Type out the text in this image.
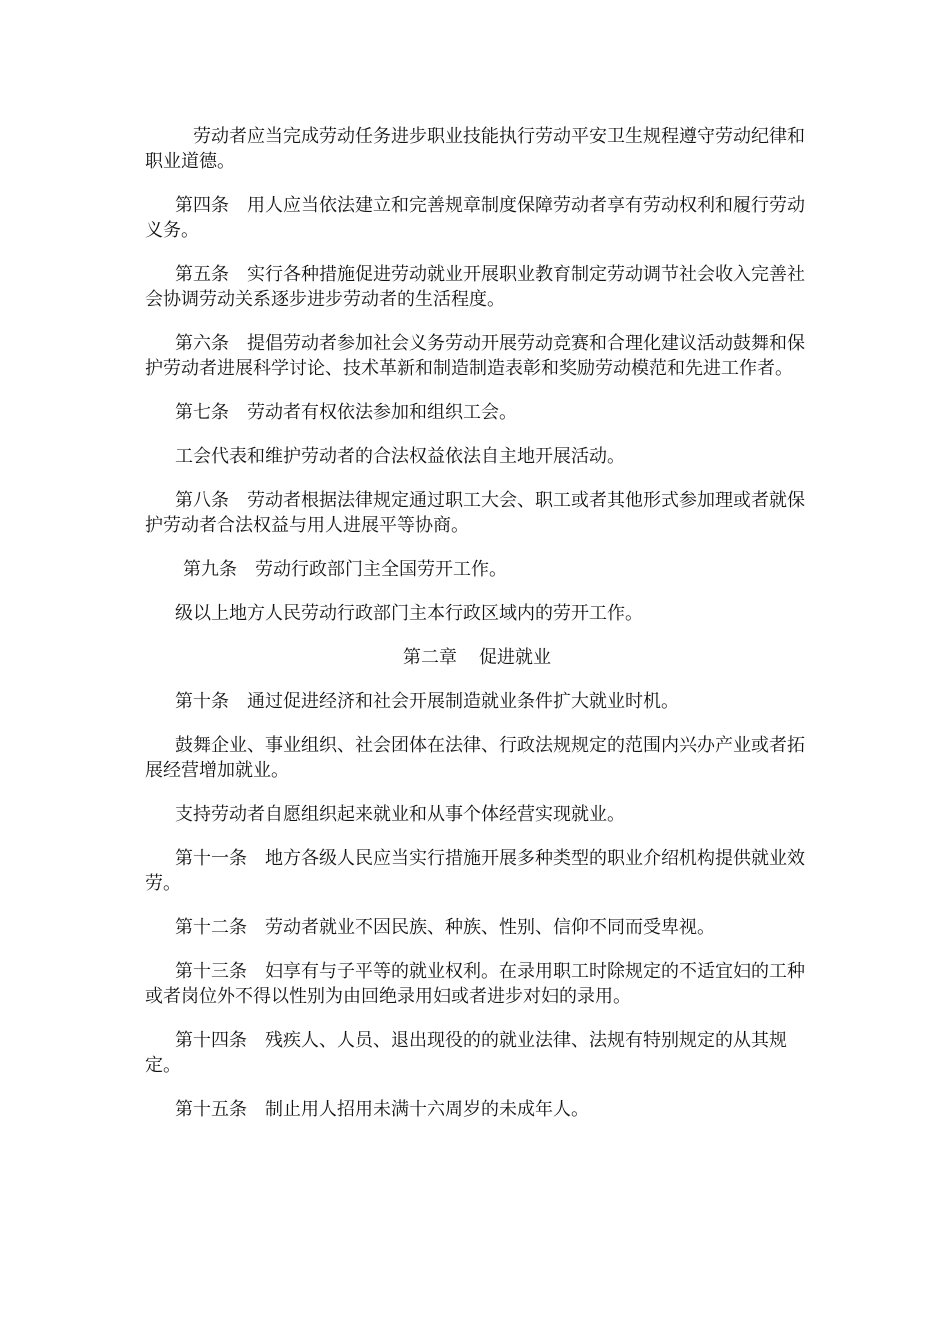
劳动者应当完成劳动任务进步职业技能执行劳动平安卫生规程遵守劳动纪律和职业道德。

第四条 用人应当依法建立和完善规章制度保障劳动者享有劳动权利和履行劳动义务。

第五条 实行各种措施促进劳动就业开展职业教育制定劳动调节社会收入完善社会协调劳动关系逐步进步劳动者的生活程度。

第六条 提倡劳动者参加社会义务劳动开展劳动竞赛和合理化建议活动鼓舞和保护劳动者进展科学讨论、技术革新和制造制造表彰和奖励劳动模范和先进工作者。

第七条 劳动者有权依法参加和组织工会。

工会代表和维护劳动者的合法权益依法自主地开展活动。

第八条 劳动者根据法律规定通过职工大会、职工或者其他形式参加理或者就保护劳动者合法权益与用人进展平等协商。

第九条 劳动行政部门主全国劳开工作。

级以上地方人民劳动行政部门主本行政区域内的劳开工作。

第二章 促进就业

第十条 通过促进经济和社会开展制造就业条件扩大就业时机。

鼓舞企业、事业组织、社会团体在法律、行政法规规定的范围内兴办产业或者拓展经营增加就业。

支持劳动者自愿组织起来就业和从事个体经营实现就业。

第十一条 地方各级人民应当实行措施开展多种类型的职业介绍机构提供就业效劳。

第十二条 劳动者就业不因民族、种族、性别、信仰不同而受卑视。

第十三条 妇享有与子平等的就业权利。在录用职工时除规定的不适宜妇的工种或者岗位外不得以性别为由回绝录用妇或者进步对妇的录用。

第十四条 残疾人、人员、退出现役的的就业法律、法规有特别规定的从其规定。

第十五条 制止用人招用未满十六周岁的未成年人。
